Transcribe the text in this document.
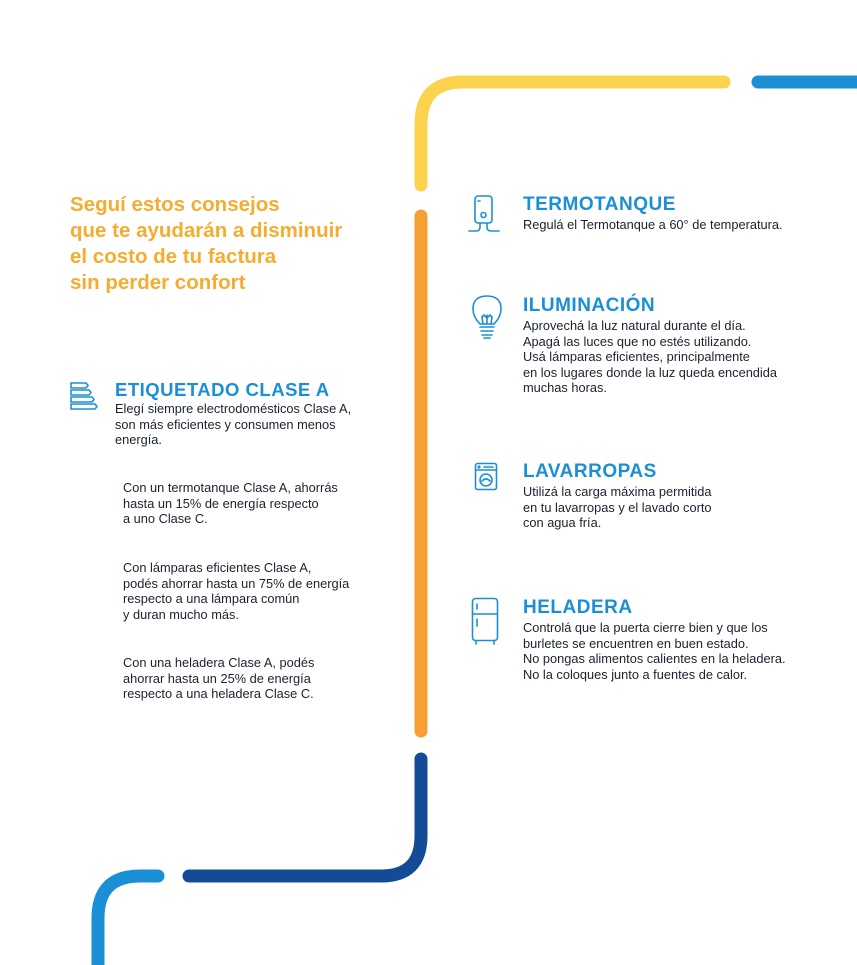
Seguí estos consejos
que te ayudarán a disminuir
el costo de tu factura
sin perder confort
ETIQUETADO CLASE A

Elegí siempre electrodomésticos Clase A,
son más eficientes y consumen menos
energía.

Con un termotanque Clase A, ahorrás
hasta un 15% de energía respecto
a uno Clase C.

Con lámparas eficientes Clase A,
podés ahorrar hasta un 75% de energía
respecto a una lámpara común
y duran mucho más.

Con una heladera Clase A, podés
ahorrar hasta un 25% de energía
respecto a una heladera Clase C.

TERMOTANQUE

Regulá el Termotanque a 60° de temperatura.

ILUMINACIÓN

Aprovechá la luz natural durante el día.
Apagá las luces que no estés utilizando.
Usá lámparas eficientes, principalmente
en los lugares donde la luz queda encendida
muchas horas.

LAVARROPAS

Utilizá la carga máxima permitida
en tu lavarropas y el lavado corto
con agua fría.

HELADERA

Controlá que la puerta cierre bien y que los
burletes se encuentren en buen estado.
No pongas alimentos calientes en la heladera.
No la coloques junto a fuentes de calor.
